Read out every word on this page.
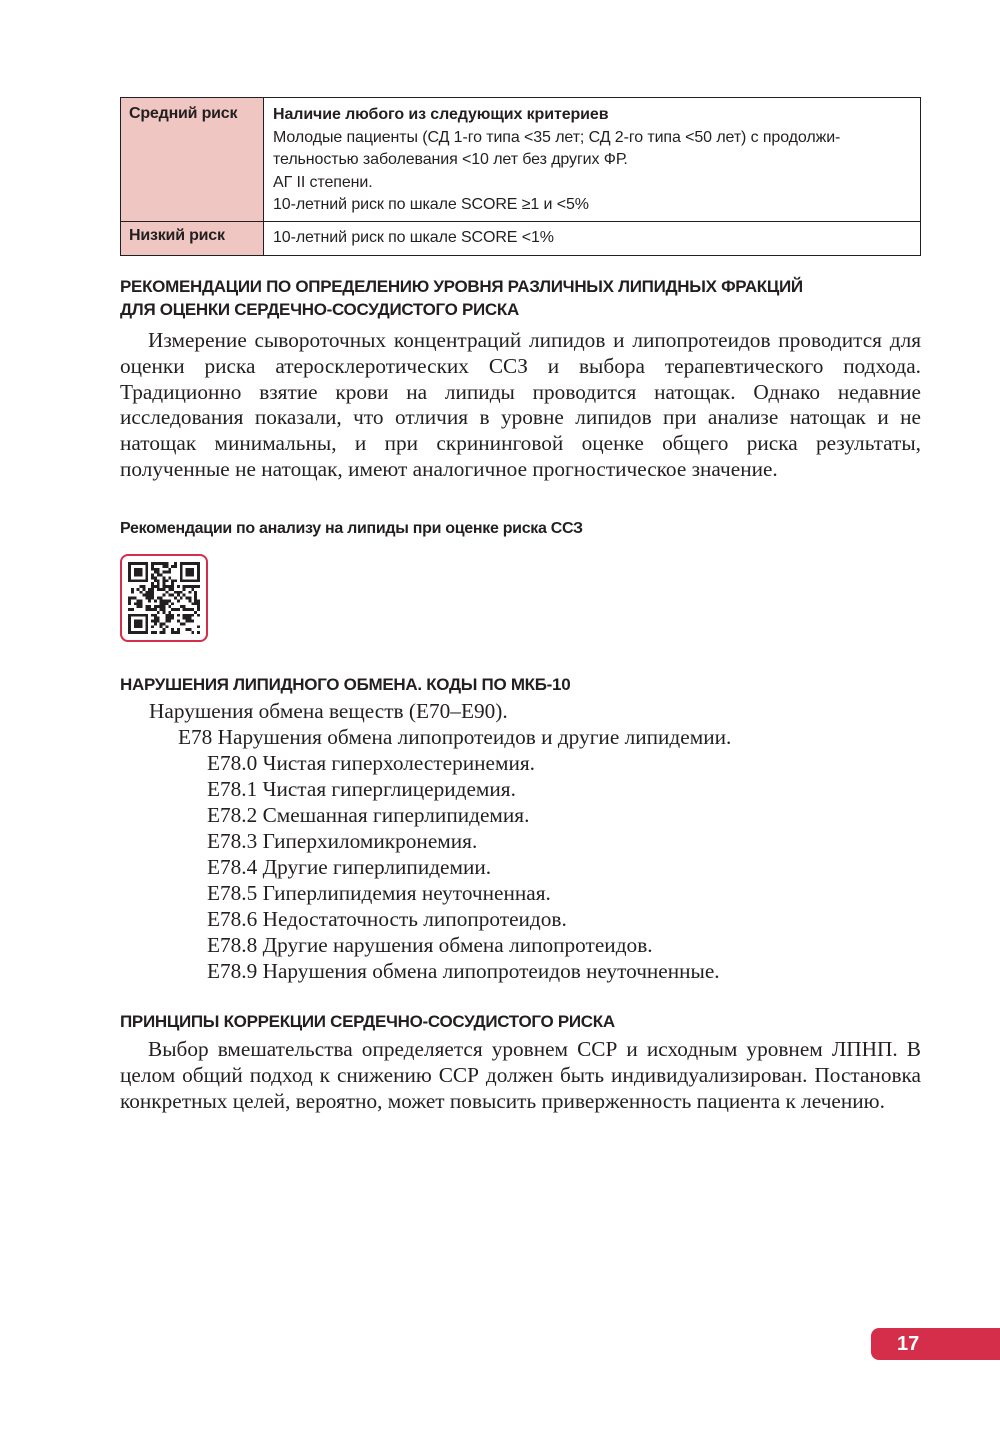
Средний риск	Наличие любого из следующих критериев
Молодые пациенты (СД 1-го типа <35 лет; СД 2-го типа <50 лет) с продолжи-
тельностью заболевания <10 лет без других ФР.
АГ II степени.
10-летний риск по шкале SCORE ≥1 и <5%

Низкий риск	10-летний риск по шкале SCORE <1%
РЕКОМЕНДАЦИИ ПО ОПРЕДЕЛЕНИЮ УРОВНЯ РАЗЛИЧНЫХ ЛИПИДНЫХ ФРАКЦИЙ
ДЛЯ ОЦЕНКИ СЕРДЕЧНО-СОСУДИСТОГО РИСКА

Измерение сывороточных концентраций липидов и липопротеидов проводится для оценки риска атеросклеротических ССЗ и выбора терапевтического подхода. Традиционно взятие крови на липиды проводится натощак. Однако недавние исследования показали, что отличия в уровне липидов при анализе натощак и не натощак минимальны, и при скрининговой оценке общего риска результаты, полученные не натощак, имеют аналогичное прогностическое значение.

Рекомендации по анализу на липиды при оценке риска ССЗ
НАРУШЕНИЯ ЛИПИДНОГО ОБМЕНА. КОДЫ ПО МКБ-10
Нарушения обмена веществ (E70–E90).
E78 Нарушения обмена липопротеидов и другие липидемии.
E78.0 Чистая гиперхолестеринемия.
E78.1 Чистая гиперглицеридемия.
E78.2 Смешанная гиперлипидемия.
E78.3 Гиперхиломикронемия.
E78.4 Другие гиперлипидемии.
E78.5 Гиперлипидемия неуточненная.
E78.6 Недостаточность липопротеидов.
E78.8 Другие нарушения обмена липопротеидов.
E78.9 Нарушения обмена липопротеидов неуточненные.
ПРИНЦИПЫ КОРРЕКЦИИ СЕРДЕЧНО-СОСУДИСТОГО РИСКА

Выбор вмешательства определяется уровнем ССР и исходным уровнем ЛПНП. В целом общий подход к снижению ССР должен быть индивидуализирован. Постановка конкретных целей, вероятно, может повысить приверженность пациента к лечению.

17
